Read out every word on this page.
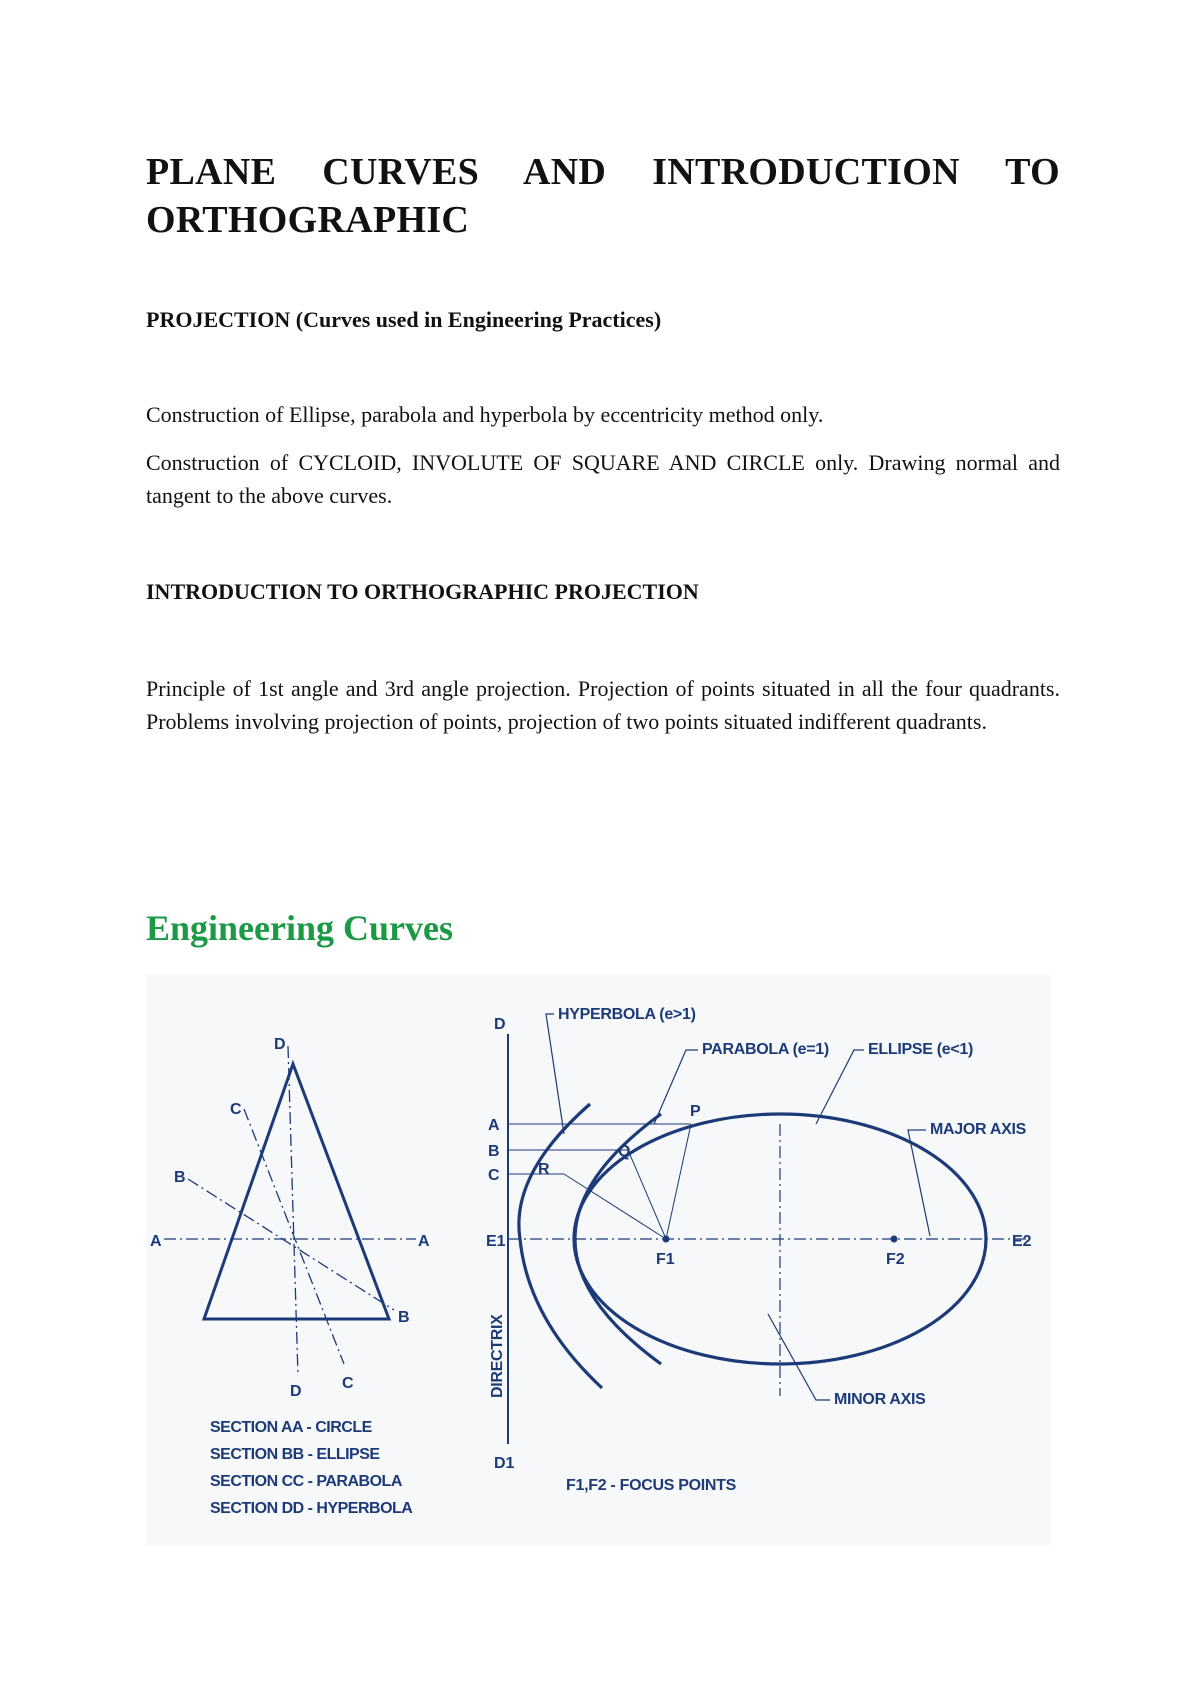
PLANE CURVES AND INTRODUCTION TO ORTHOGRAPHIC

PROJECTION (Curves used in Engineering Practices)

Construction of Ellipse, parabola and hyperbola by eccentricity method only.

Construction of CYCLOID, INVOLUTE OF SQUARE AND CIRCLE only. Drawing normal and tangent to the above curves.

INTRODUCTION TO ORTHOGRAPHIC PROJECTION

Principle of 1st angle and 3rd angle projection. Projection of points situated in all the four quadrants. Problems involving projection of points, projection of two points situated indifferent quadrants.

Engineering Curves

D
C
B
A	A
B
D	C
SECTION AA - CIRCLE
SECTION BB - ELLIPSE
SECTION CC - PARABOLA
SECTION DD - HYPERBOLA
HYPERBOLA (e>1)
PARABOLA (e=1) ELLIPSE (e<1)
MAJOR AXIS
MINOR AXIS
DIRECTRIX
F1,F2 - FOCUS POINTS
D
D1
A
B
C
E1	E2
F1	F2
P
Q
R
